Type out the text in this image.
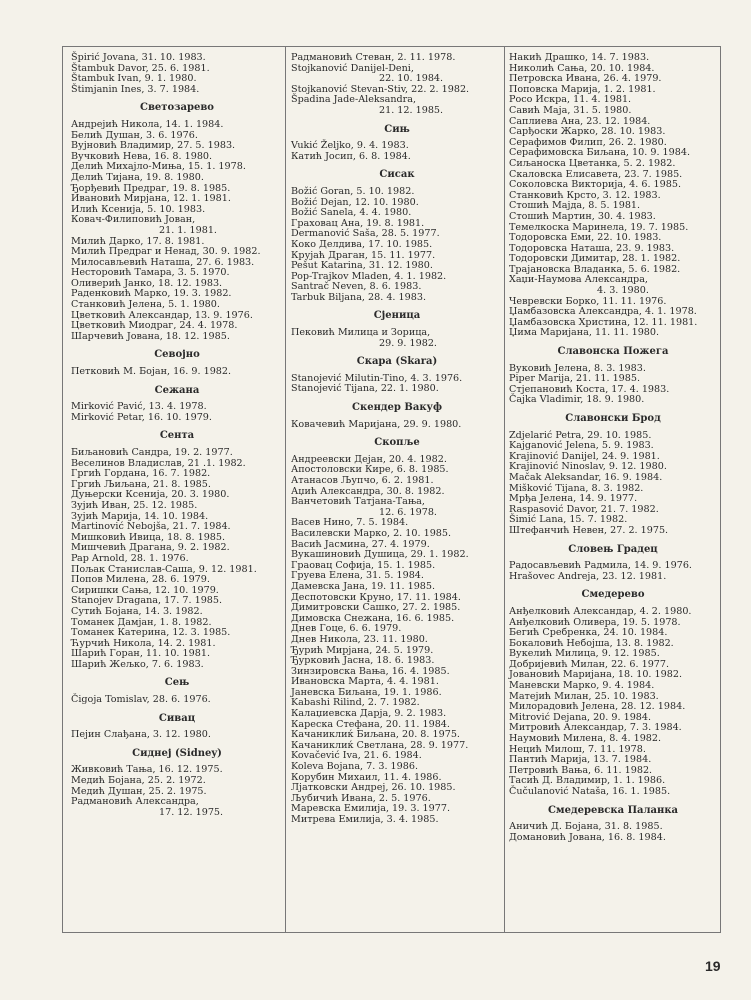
Špirić Jovana, 31. 10. 1983.
Štambuk Davor, 25. 6. 1981.
Štambuk Ivan, 9. 1. 1980.
Štimjanin Ines, 3. 7. 1984.
Светозарево
Андрејић Никола, 14. 1. 1984.
Белић Душан, 3. 6. 1976.
Вујновић Владимир, 27. 5. 1983.
Вучковић Нева, 16. 8. 1980.
Делић Михајло-Миња, 15. 1. 1978.
Делић Тијана, 19. 8. 1980.
Ђорђевић Предраг, 19. 8. 1985.
Ивановић Мирјана, 12. 1. 1981.
Илић Ксенија, 5. 10. 1983.
Ковач-Филиповић Јован,
21. 1. 1981.
Милић Дарко, 17. 8. 1981.
Милић Предраг и Ненад, 30. 9. 1982.
Милосављевић Наташа, 27. 6. 1983.
Несторовић Тамара, 3. 5. 1970.
Оливерић Јанко, 18. 12. 1983.
Раденковић Марко, 19. 3. 1982.
Станковић Јелена, 5. 1. 1980.
Цветковић Александар, 13. 9. 1976.
Цветковић Миодраг, 24. 4. 1978.
Шарчевић Јована, 18. 12. 1985.
Севојно
Петковић М. Бојан, 16. 9. 1982.
Сежана
Mirković Pavić, 13. 4. 1978.
Mirković Petar, 16. 10. 1979.
Сента
Биљановић Сандра, 19. 2. 1977.
Веселинов Владислав, 21 .1. 1982.
Гргић Гордана, 16. 7. 1982.
Гргић Љиљана, 21. 8. 1985.
Дуњерски Ксенија, 20. 3. 1980.
Зујић Иван, 25. 12. 1985.
Зујић Марија, 14. 10. 1984.
Martinović Nebojša, 21. 7. 1984.
Мишковић Ивица, 18. 8. 1985.
Мишчевић Драгана, 9. 2. 1982.
Pap Arnold, 28. 1. 1976.
Пољак Станислав-Саша, 9. 12. 1981.
Попов Милена, 28. 6. 1979.
Сиришки Сања, 12. 10. 1979.
Stanojev Dragana, 17. 7. 1985.
Сутић Бојана, 14. 3. 1982.
Томанек Дамјан, 1. 8. 1982.
Томанек Катерина, 12. 3. 1985.
Ћурчић Никола, 14. 2. 1981.
Шарић Горан, 11. 10. 1981.
Шарић Жељко, 7. 6. 1983.
Сењ
Čigoja Tomislav, 28. 6. 1976.
Сивац
Пејин Слађана, 3. 12. 1980.
Сиднеј (Sidney)
Живковић Тања, 16. 12. 1975.
Медић Бојана, 25. 2. 1972.
Медић Душан, 25. 2. 1975.
Радмановић Александра,
17. 12. 1975.
Радмановић Стеван, 2. 11. 1978.
Stojkanović Danijel-Deni,
22. 10. 1984.
Stojkanović Stevan-Stiv, 22. 2. 1982.
Špadina Jade-Aleksandra,
21. 12. 1985.
Сињ
Vukić Željko, 9. 4. 1983.
Катић Јосип, 6. 8. 1984.
Сисак
Božić Goran, 5. 10. 1982.
Božić Dejan, 12. 10. 1980.
Božić Sanela, 4. 4. 1980.
Граховац Ана, 19. 8. 1981.
Dermanović Saša, 28. 5. 1977.
Коко Делдива, 17. 10. 1985.
Крујаћ Драган, 15. 11. 1977.
Pešut Katarina, 31. 12. 1980.
Pop-Trajkov Mladen, 4. 1. 1982.
Santrač Neven, 8. 6. 1983.
Tarbuk Biljana, 28. 4. 1983.
Сјеница
Пековић Милица и Зорица,
29. 9. 1982.
Скара (Skara)
Stanojević Milutin-Tino, 4. 3. 1976.
Stanojević Tijana, 22. 1. 1980.
Скендер Вакуф
Ковачевић Маријана, 29. 9. 1980.
Скопље
Андреевски Дејан, 20. 4. 1982.
Апостоловски Кире, 6. 8. 1985.
Атанасов Љупчо, 6. 2. 1981.
Аџић Александра, 30. 8. 1982.
Ванчетовић Татјана-Тања,
12. 6. 1978.
Васев Нино, 7. 5. 1984.
Василевски Марко, 2. 10. 1985.
Васић Јасмина, 27. 4. 1979.
Вукашиновић Душица, 29. 1. 1982.
Граовац Софија, 15. 1. 1985.
Груева Елена, 31. 5. 1984.
Дамевска Јана, 19. 11. 1985.
Деспотовски Круно, 17. 11. 1984.
Димитровски Сашко, 27. 2. 1985.
Димовска Снежана, 16. 6. 1985.
Днев Гоце, 6. 6. 1979.
Днев Никола, 23. 11. 1980.
Ђурић Мирјана, 24. 5. 1979.
Ђурковић Јасна, 18. 6. 1983.
Зинзировска Вања, 16. 4. 1985.
Ивановска Марта, 4. 4. 1981.
Јаневска Биљана, 19. 1. 1986.
Kabashi Rilind, 2. 7. 1982.
Калаџиевска Дарја, 9. 2. 1983.
Кареска Стефана, 20. 11. 1984.
Качаниклиќ Биљана, 20. 8. 1975.
Качаниклиќ Светлана, 28. 9. 1977.
Kovačević Iva, 21. 6. 1984.
Koleva Bojana, 7. 3. 1986.
Корубин Михаил, 11. 4. 1986.
Лјатковски Андреј, 26. 10. 1985.
Љубичић Ивана, 2. 5. 1976.
Маревска Емилија, 19. 3. 1977.
Митрева Емилија, 3. 4. 1985.
Накић Драшко, 14. 7. 1983.
Николић Сања, 20. 10. 1984.
Петровска Ивана, 26. 4. 1979.
Поповска Марија, 1. 2. 1981.
Росо Искра, 11. 4. 1981.
Савић Маја, 31. 5. 1980.
Саплиева Ана, 23. 12. 1984.
Сарђоски Жарко, 28. 10. 1983.
Серафимов Филип, 26. 2. 1980.
Серафимовска Биљана, 10. 9. 1984.
Сиљаноска Цветанка, 5. 2. 1982.
Скаловска Елисавета, 23. 7. 1985.
Соколовска Викторија, 4. 6. 1985.
Станковић Крсто, 3. 12. 1983.
Стошић Мајда, 8. 5. 1981.
Стошић Мартин, 30. 4. 1983.
Темелкоска Маринела, 19. 7. 1985.
Тодоровска Еми, 22. 10. 1983.
Тодоровска Наташа, 23. 9. 1983.
Тодоровски Димитар, 28. 1. 1982.
Трајановска Владанка, 5. 6. 1982.
Хаџи-Наумова Александра,
4. 3. 1980.
Чевревски Борко, 11. 11. 1976.
Џамбазовска Александра, 4. 1. 1978.
Џамбазовска Христина, 12. 11. 1981.
Џима Маријана, 11. 11. 1980.
Славонска Пожега
Вуковић Јелена, 8. 3. 1983.
Piper Marija, 21. 11. 1985.
Стјепановић Коста, 17. 4. 1983.
Čajka Vladimir, 18. 9. 1980.
Славонски Брод
Zdjelarić Petra, 29. 10. 1985.
Kajganović Jelena, 5. 9. 1983.
Krajinović Danijel, 24. 9. 1981.
Krajinović Ninoslav, 9. 12. 1980.
Mačak Aleksandar, 16. 9. 1984.
Mišković Tijana, 8. 3. 1982.
Мрђа Јелена, 14. 9. 1977.
Raspasović Davor, 21. 7. 1982.
Šimić Lana, 15. 7. 1982.
Штефанчић Невен, 27. 2. 1975.
Словењ Градец
Радосављевић Радмила, 14. 9. 1976.
Hrašovec Andreja, 23. 12. 1981.
Смедерево
Анђелковић Александар, 4. 2. 1980.
Анђелковић Оливера, 19. 5. 1978.
Бегић Сребренка, 24. 10. 1984.
Бокаловић Небојша, 13. 8. 1982.
Вукелић Милица, 9. 12. 1985.
Добријевић Милан, 22. 6. 1977.
Јовановић Маријана, 18. 10. 1982.
Маневски Марко, 9. 4. 1984.
Матејић Милан, 25. 10. 1983.
Милорадовић Јелена, 28. 12. 1984.
Mitrović Dejana, 20. 9. 1984.
Митровић Александар, 7. 3. 1984.
Наумовић Милена, 8. 4. 1982.
Нецић Милош, 7. 11. 1978.
Пантић Марија, 13. 7. 1984.
Петровић Вања, 6. 11. 1982.
Тасић Д. Владимир, 1. 1. 1986.
Čučulanović Nataša, 16. 1. 1985.
Смедеревска Паланка
Аничић Д. Бојана, 31. 8. 1985.
Домановић Јована, 16. 8. 1984.
19
